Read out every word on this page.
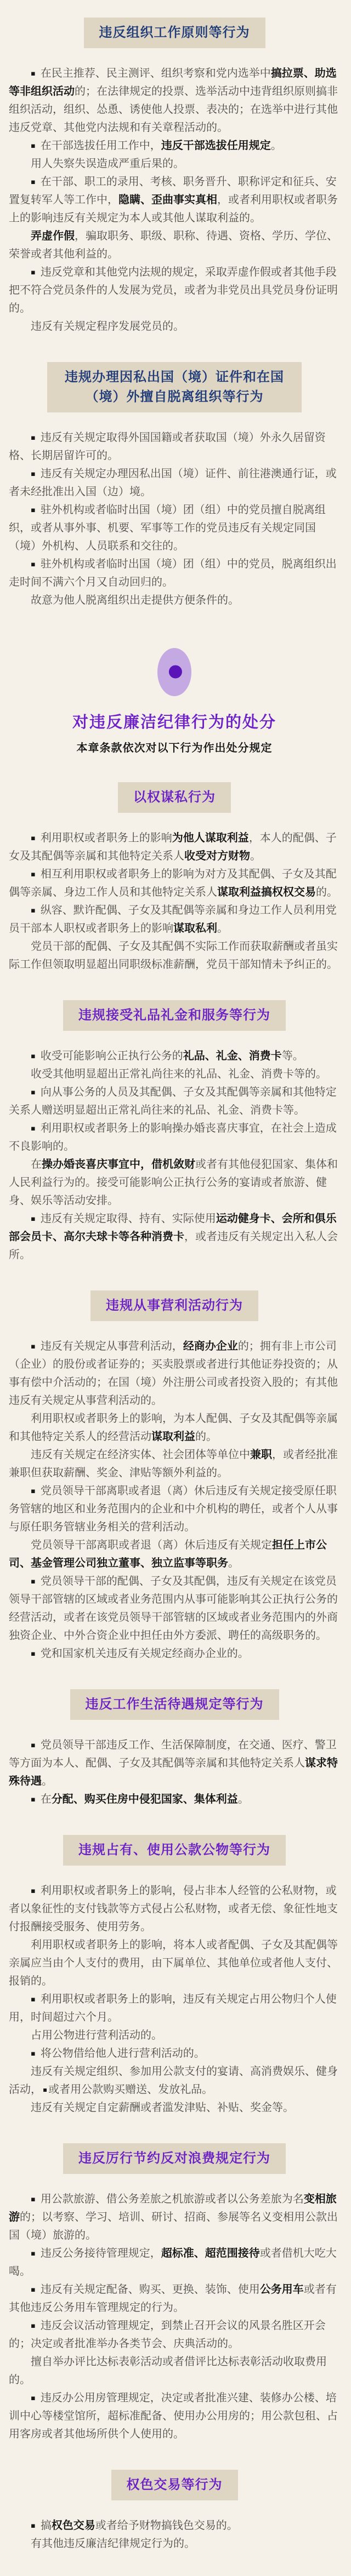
违反组织工作原则等行为

▪ 在民主推荐、民主测评、组织考察和党内选举中搞拉票、助选等非组织活动的；在法律规定的投票、选举活动中违背组织原则搞非组织活动，组织、怂恿、诱使他人投票、表决的；在选举中进行其他违反党章、其他党内法规和有关章程活动的。

▪ 在干部选拔任用工作中，违反干部选拔任用规定。

用人失察失误造成严重后果的。

▪ 在干部、职工的录用、考核、职务晋升、职称评定和征兵、安置复转军人等工作中，隐瞒、歪曲事实真相，或者利用职权或者职务上的影响违反有关规定为本人或其他人谋取利益的。

弄虚作假，骗取职务、职级、职称、待遇、资格、学历、学位、荣誉或者其他利益的。

▪ 违反党章和其他党内法规的规定，采取弄虚作假或者其他手段把不符合党员条件的人发展为党员，或者为非党员出具党员身份证明的。

违反有关规定程序发展党员的。

违规办理因私出国（境）证件和在国（境）外擅自脱离组织等行为

▪ 违反有关规定取得外国国籍或者获取国（境）外永久居留资格、长期居留许可的。

▪ 违反有关规定办理因私出国（境）证件、前往港澳通行证，或者未经批准出入国（边）境。

▪ 驻外机构或者临时出国（境）团（组）中的党员擅自脱离组织，或者从事外事、机要、军事等工作的党员违反有关规定同国（境）外机构、人员联系和交往的。

▪ 驻外机构或者临时出国（境）团（组）中的党员，脱离组织出走时间不满六个月又自动回归的。

故意为他人脱离组织出走提供方便条件的。

对违反廉洁纪律行为的处分
本章条款依次对以下行为作出处分规定
以权谋私行为

▪ 利用职权或者职务上的影响为他人谋取利益，本人的配偶、子女及其配偶等亲属和其他特定关系人收受对方财物。

▪ 相互利用职权或者职务上的影响为对方及其配偶、子女及其配偶等亲属、身边工作人员和其他特定关系人谋取利益搞权权交易的。

▪ 纵容、默许配偶、子女及其配偶等亲属和身边工作人员利用党员干部本人职权或者职务上的影响谋取私利。

党员干部的配偶、子女及其配偶不实际工作而获取薪酬或者虽实际工作但领取明显超出同职级标准薪酬，党员干部知情未予纠正的。

违规接受礼品礼金和服务等行为

▪ 收受可能影响公正执行公务的礼品、礼金、消费卡等。

收受其他明显超出正常礼尚往来的礼品、礼金、消费卡等的。

▪ 向从事公务的人员及其配偶、子女及其配偶等亲属和其他特定关系人赠送明显超出正常礼尚往来的礼品、礼金、消费卡等。

▪ 利用职权或者职务上的影响操办婚丧喜庆事宜，在社会上造成不良影响的。

在操办婚丧喜庆事宜中，借机敛财或者有其他侵犯国家、集体和人民利益行为的。接受可能影响公正执行公务的宴请或者旅游、健身、娱乐等活动安排。

▪ 违反有关规定取得、持有、实际使用运动健身卡、会所和俱乐部会员卡、高尔夫球卡等各种消费卡，或者违反有关规定出入私人会所。

违规从事营利活动行为

▪ 违反有关规定从事营利活动，经商办企业的；拥有非上市公司（企业）的股份或者证券的；买卖股票或者进行其他证券投资的；从事有偿中介活动的；在国（境）外注册公司或者投资入股的；有其他违反有关规定从事营利活动的。

利用职权或者职务上的影响，为本人配偶、子女及其配偶等亲属和其他特定关系人的经营活动谋取利益的。

违反有关规定在经济实体、社会团体等单位中兼职，或者经批准兼职但获取薪酬、奖金、津贴等额外利益的。

▪ 党员领导干部离职或者退（离）休后违反有关规定接受原任职务管辖的地区和业务范围内的企业和中介机构的聘任，或者个人从事与原任职务管辖业务相关的营利活动。

党员领导干部离职或者退（离）休后违反有关规定担任上市公司、基金管理公司独立董事、独立监事等职务。

▪ 党员领导干部的配偶、子女及其配偶，违反有关规定在该党员领导干部管辖的区域或者业务范围内从事可能影响其公正执行公务的经营活动，或者在该党员领导干部管辖的区域或者业务范围内的外商独资企业、中外合资企业中担任由外方委派、聘任的高级职务的。

▪ 党和国家机关违反有关规定经商办企业的。

违反工作生活待遇规定等行为

▪ 党员领导干部违反工作、生活保障制度，在交通、医疗、警卫等方面为本人、配偶、子女及其配偶等亲属和其他特定关系人谋求特殊待遇。

▪ 在分配、购买住房中侵犯国家、集体利益。

违规占有、使用公款公物等行为

▪ 利用职权或者职务上的影响，侵占非本人经管的公私财物，或者以象征性的支付钱款等方式侵占公私财物，或者无偿、象征性地支付报酬接受服务、使用劳务。

利用职权或者职务上的影响，将本人或者配偶、子女及其配偶等亲属应当由个人支付的费用，由下属单位、其他单位或者他人支付、报销的。

▪ 利用职权或者职务上的影响，违反有关规定占用公物归个人使用，时间超过六个月。

占用公物进行营利活动的。

▪ 将公物借给他人进行营利活动的。

违反有关规定组织、参加用公款支付的宴请、高消费娱乐、健身活动， ▪ 或者用公款购买赠送、发放礼品。

违反有关规定自定薪酬或者滥发津贴、补贴、奖金等。

违反厉行节约反对浪费规定行为

▪ 用公款旅游、借公务差旅之机旅游或者以公务差旅为名变相旅游的；以考察、学习、培训、研讨、招商、参展等名义变相用公款出国（境）旅游的。

▪ 违反公务接待管理规定，超标准、超范围接待或者借机大吃大喝。

▪ 违反有关规定配备、购买、更换、装饰、使用公务用车或者有其他违反公务用车管理规定的行为。

▪ 违反会议活动管理规定，到禁止召开会议的风景名胜区开会的；决定或者批准举办各类节会、庆典活动的。

擅自举办评比达标表彰活动或者借评比达标表彰活动收取费用的。

▪ 违反办公用房管理规定，决定或者批准兴建、装修办公楼、培训中心等楼堂馆所，超标准配备、使用办公用房的；用公款包租、占用客房或者其他场所供个人使用的。

权色交易等行为

▪ 搞权色交易或者给予财物搞钱色交易的。

有其他违反廉洁纪律规定行为的。
